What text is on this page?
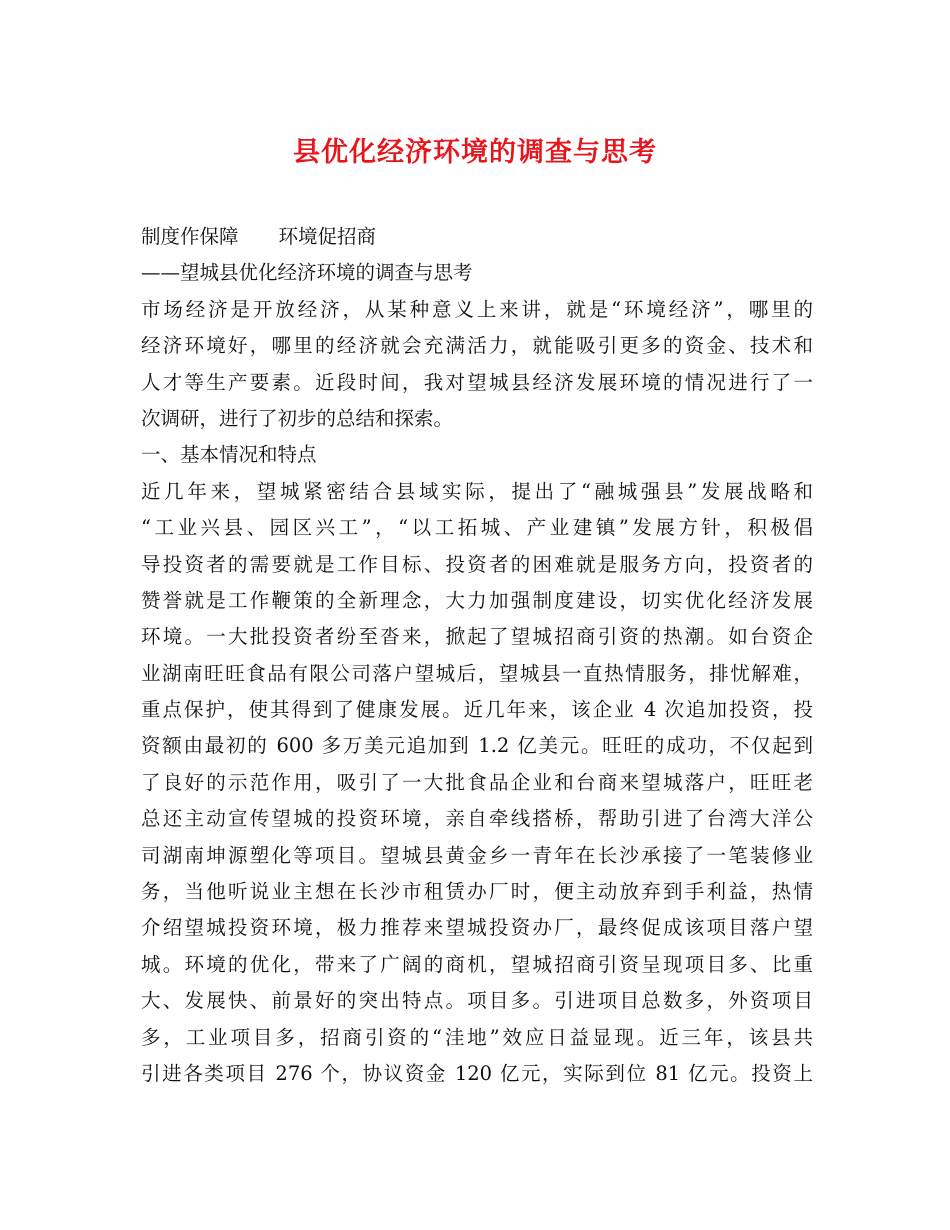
县优化经济环境的调查与思考
制度作保障 环境促招商
——望城县优化经济环境的调查与思考
市场经济是开放经济，从某种意义上来讲，就是“环境经济”，哪里的
经济环境好，哪里的经济就会充满活力，就能吸引更多的资金、技术和
人才等生产要素。近段时间，我对望城县经济发展环境的情况进行了一
次调研，进行了初步的总结和探索。
一、基本情况和特点
近几年来，望城紧密结合县域实际，提出了“融城强县”发展战略和
“工业兴县、园区兴工”，“以工拓城、产业建镇”发展方针，积极倡
导投资者的需要就是工作目标、投资者的困难就是服务方向，投资者的
赞誉就是工作鞭策的全新理念，大力加强制度建设，切实优化经济发展
环境。一大批投资者纷至沓来，掀起了望城招商引资的热潮。如台资企
业湖南旺旺食品有限公司落户望城后，望城县一直热情服务，排忧解难，
重点保护，使其得到了健康发展。近几年来，该企业 4 次追加投资，投
资额由最初的 600 多万美元追加到 1.2 亿美元。旺旺的成功，不仅起到
了良好的示范作用，吸引了一大批食品企业和台商来望城落户，旺旺老
总还主动宣传望城的投资环境，亲自牵线搭桥，帮助引进了台湾大洋公
司湖南坤源塑化等项目。望城县黄金乡一青年在长沙承接了一笔装修业
务，当他听说业主想在长沙市租赁办厂时，便主动放弃到手利益，热情
介绍望城投资环境，极力推荐来望城投资办厂，最终促成该项目落户望
城。环境的优化，带来了广阔的商机，望城招商引资呈现项目多、比重
大、发展快、前景好的突出特点。项目多。引进项目总数多，外资项目
多，工业项目多，招商引资的“洼地”效应日益显现。近三年，该县共
引进各类项目 276 个，协议资金 120 亿元，实际到位 81 亿元。投资上
